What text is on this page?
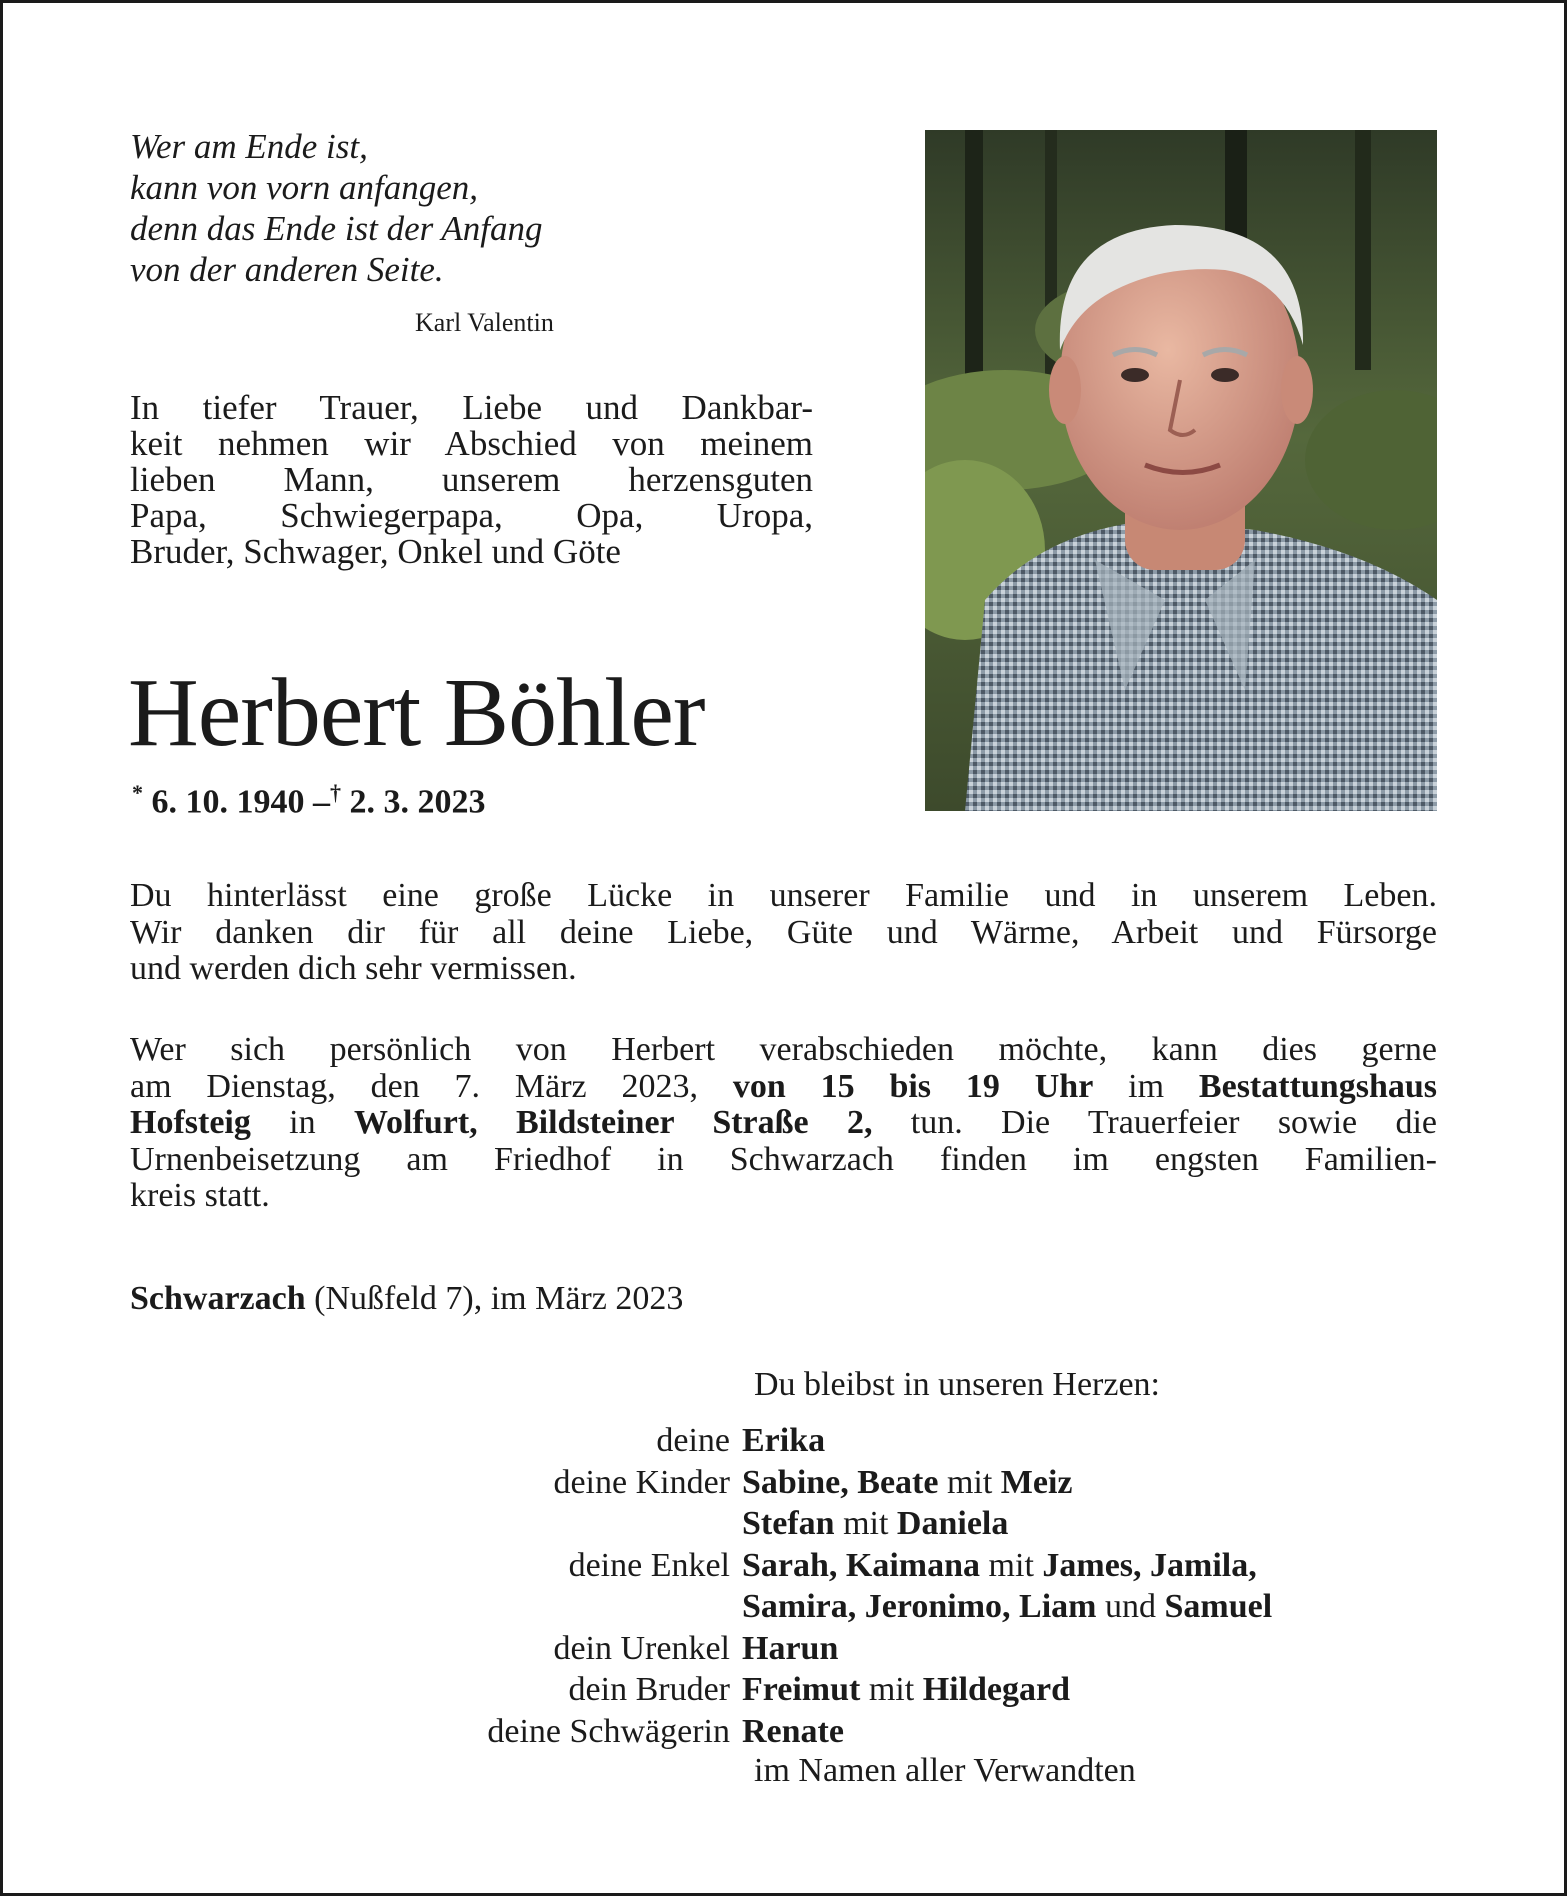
Wer am Ende ist,
kann von vorn anfangen,
denn das Ende ist der Anfang
von der anderen Seite.
Karl Valentin
In tiefer Trauer, Liebe und Dankbar-
keit nehmen wir Abschied von meinem
lieben Mann, unserem herzensguten
Papa, Schwiegerpapa, Opa, Uropa,
Bruder, Schwager, Onkel und Göte
Herbert Böhler
* 6. 10. 1940 –† 2. 3. 2023
Du hinterlässt eine große Lücke in unserer Familie und in unserem Leben.
Wir danken dir für all deine Liebe, Güte und Wärme, Arbeit und Fürsorge
und werden dich sehr vermissen.
Wer sich persönlich von Herbert verabschieden möchte, kann dies gerne
am Dienstag, den 7. März 2023, von 15 bis 19 Uhr im Bestattungshaus
Hofsteig in Wolfurt, Bildsteiner Straße 2, tun. Die Trauerfeier sowie die
Urnenbeisetzung am Friedhof in Schwarzach finden im engsten Familien-
kreis statt.
Schwarzach (Nußfeld 7), im März 2023
Du bleibst in unseren Herzen:
deine Erika
deine Kinder Sabine, Beate mit Meiz
Stefan mit Daniela
deine Enkel Sarah, Kaimana mit James, Jamila,
Samira, Jeronimo, Liam und Samuel
dein Urenkel Harun
dein Bruder Freimut mit Hildegard
deine Schwägerin Renate
im Namen aller Verwandten
